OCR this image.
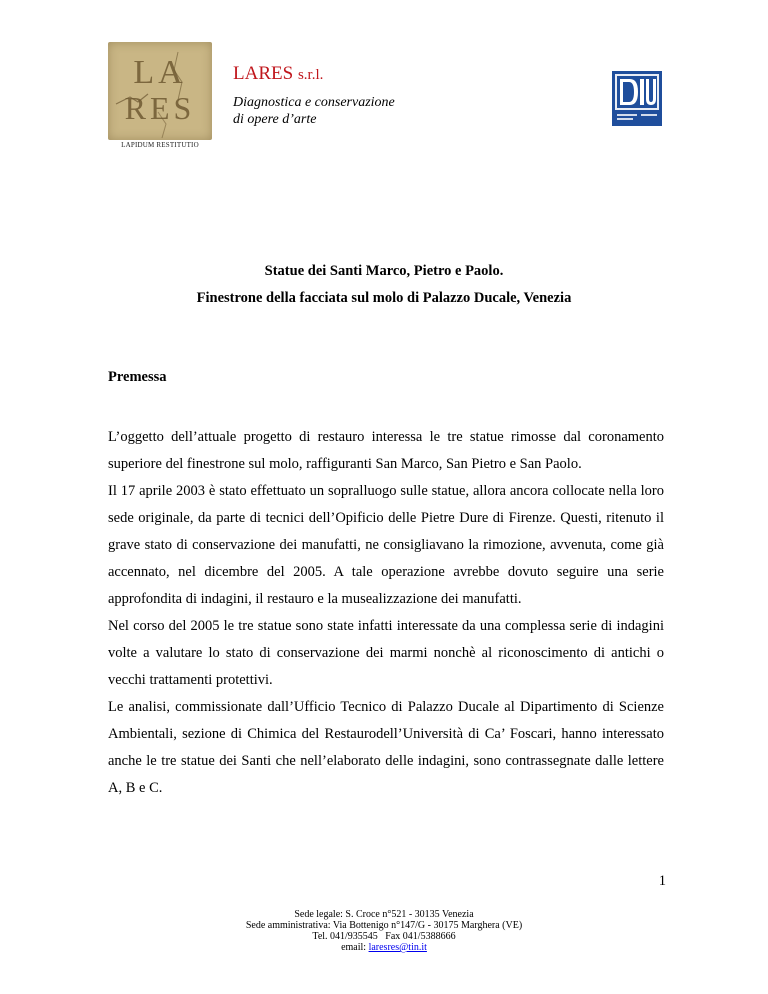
LA
RES
LAPIDUM RESTITUTIO
LARES s.r.l.
Diagnostica e conservazione
di opere d’arte
Statue dei Santi Marco, Pietro e Paolo.
Finestrone della facciata sul molo di Palazzo Ducale, Venezia
Premessa

L’oggetto dell’attuale progetto di restauro interessa le tre statue rimosse dal coronamento superiore del finestrone sul molo, raffiguranti San Marco, San Pietro e San Paolo.

Il 17 aprile 2003 è stato effettuato un sopralluogo sulle statue, allora ancora collocate nella loro sede originale, da parte di tecnici dell’Opificio delle Pietre Dure di Firenze. Questi, ritenuto il grave stato di conservazione dei manufatti, ne consigliavano la rimozione, avvenuta, come già accennato, nel dicembre del 2005. A tale operazione avrebbe dovuto seguire una serie approfondita di indagini, il restauro e la musealizzazione dei manufatti.

Nel corso del 2005 le tre statue sono state infatti interessate da una complessa serie di indagini volte a valutare lo stato di conservazione dei marmi nonchè al riconoscimento di antichi o vecchi trattamenti protettivi.

Le analisi, commissionate dall’Ufficio Tecnico di Palazzo Ducale al Dipartimento di Scienze Ambientali, sezione di Chimica del Restaurodell’Università di Ca’ Foscari, hanno interessato anche le tre statue dei Santi che nell’elaborato delle indagini, sono contrassegnate dalle lettere A, B e C.

1
Sede legale: S. Croce n°521 - 30135 Venezia
Sede amministrativa: Via Bottenigo n°147/G - 30175 Marghera (VE)
Tel. 041/935545   Fax 041/5388666
email: laresres@tin.it
